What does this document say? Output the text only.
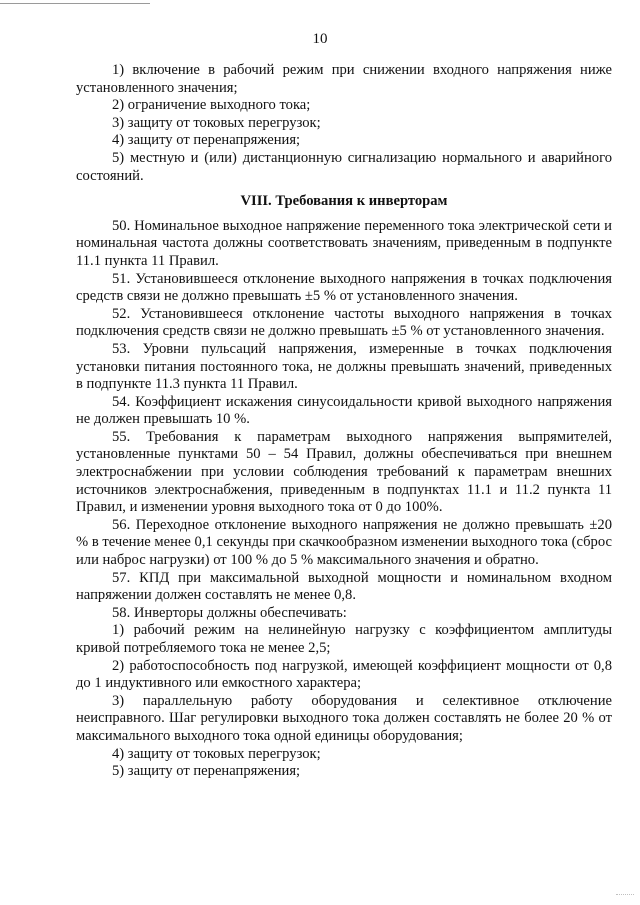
10

1) включение в рабочий режим при снижении входного напряжения ниже установленного значения;

2) ограничение выходного тока;

3) защиту от токовых перегрузок;

4) защиту от перенапряжения;

5) местную и (или) дистанционную сигнализацию нормального и аварийного состояний.

VIII. Требования к инверторам

50. Номинальное выходное напряжение переменного тока электрической сети и номинальная частота должны соответствовать значениям, приведенным в подпункте 11.1 пункта 11 Правил.

51. Установившееся отклонение выходного напряжения в точках подключения средств связи не должно превышать ±5 % от установленного значения.

52. Установившееся отклонение частоты выходного напряжения в точках подключения средств связи не должно превышать ±5 % от установленного значения.

53. Уровни пульсаций напряжения, измеренные в точках подключения установки питания постоянного тока, не должны превышать значений, приведенных в подпункте 11.3 пункта 11 Правил.

54. Коэффициент искажения синусоидальности кривой выходного напряжения не должен превышать 10 %.

55. Требования к параметрам выходного напряжения выпрямителей, установленные пунктами 50 – 54 Правил, должны обеспечиваться при внешнем электроснабжении при условии соблюдения требований к параметрам внешних источников электроснабжения, приведенным в подпунктах 11.1 и 11.2 пункта 11 Правил, и изменении уровня выходного тока от 0 до 100%.

56. Переходное отклонение выходного напряжения не должно превышать ±20 % в течение менее 0,1 секунды при скачкообразном изменении выходного тока (сброс или наброс нагрузки) от 100 % до 5 % максимального значения и обратно.

57. КПД при максимальной выходной мощности и номинальном входном напряжении должен составлять не менее 0,8.

58. Инверторы должны обеспечивать:

1) рабочий режим на нелинейную нагрузку с коэффициентом амплитуды кривой потребляемого тока не менее 2,5;

2) работоспособность под нагрузкой, имеющей коэффициент мощности от 0,8 до 1 индуктивного или емкостного характера;

3) параллельную работу оборудования и селективное отключение неисправного. Шаг регулировки выходного тока должен составлять не более 20 % от максимального выходного тока одной единицы оборудования;

4) защиту от токовых перегрузок;

5) защиту от перенапряжения;
